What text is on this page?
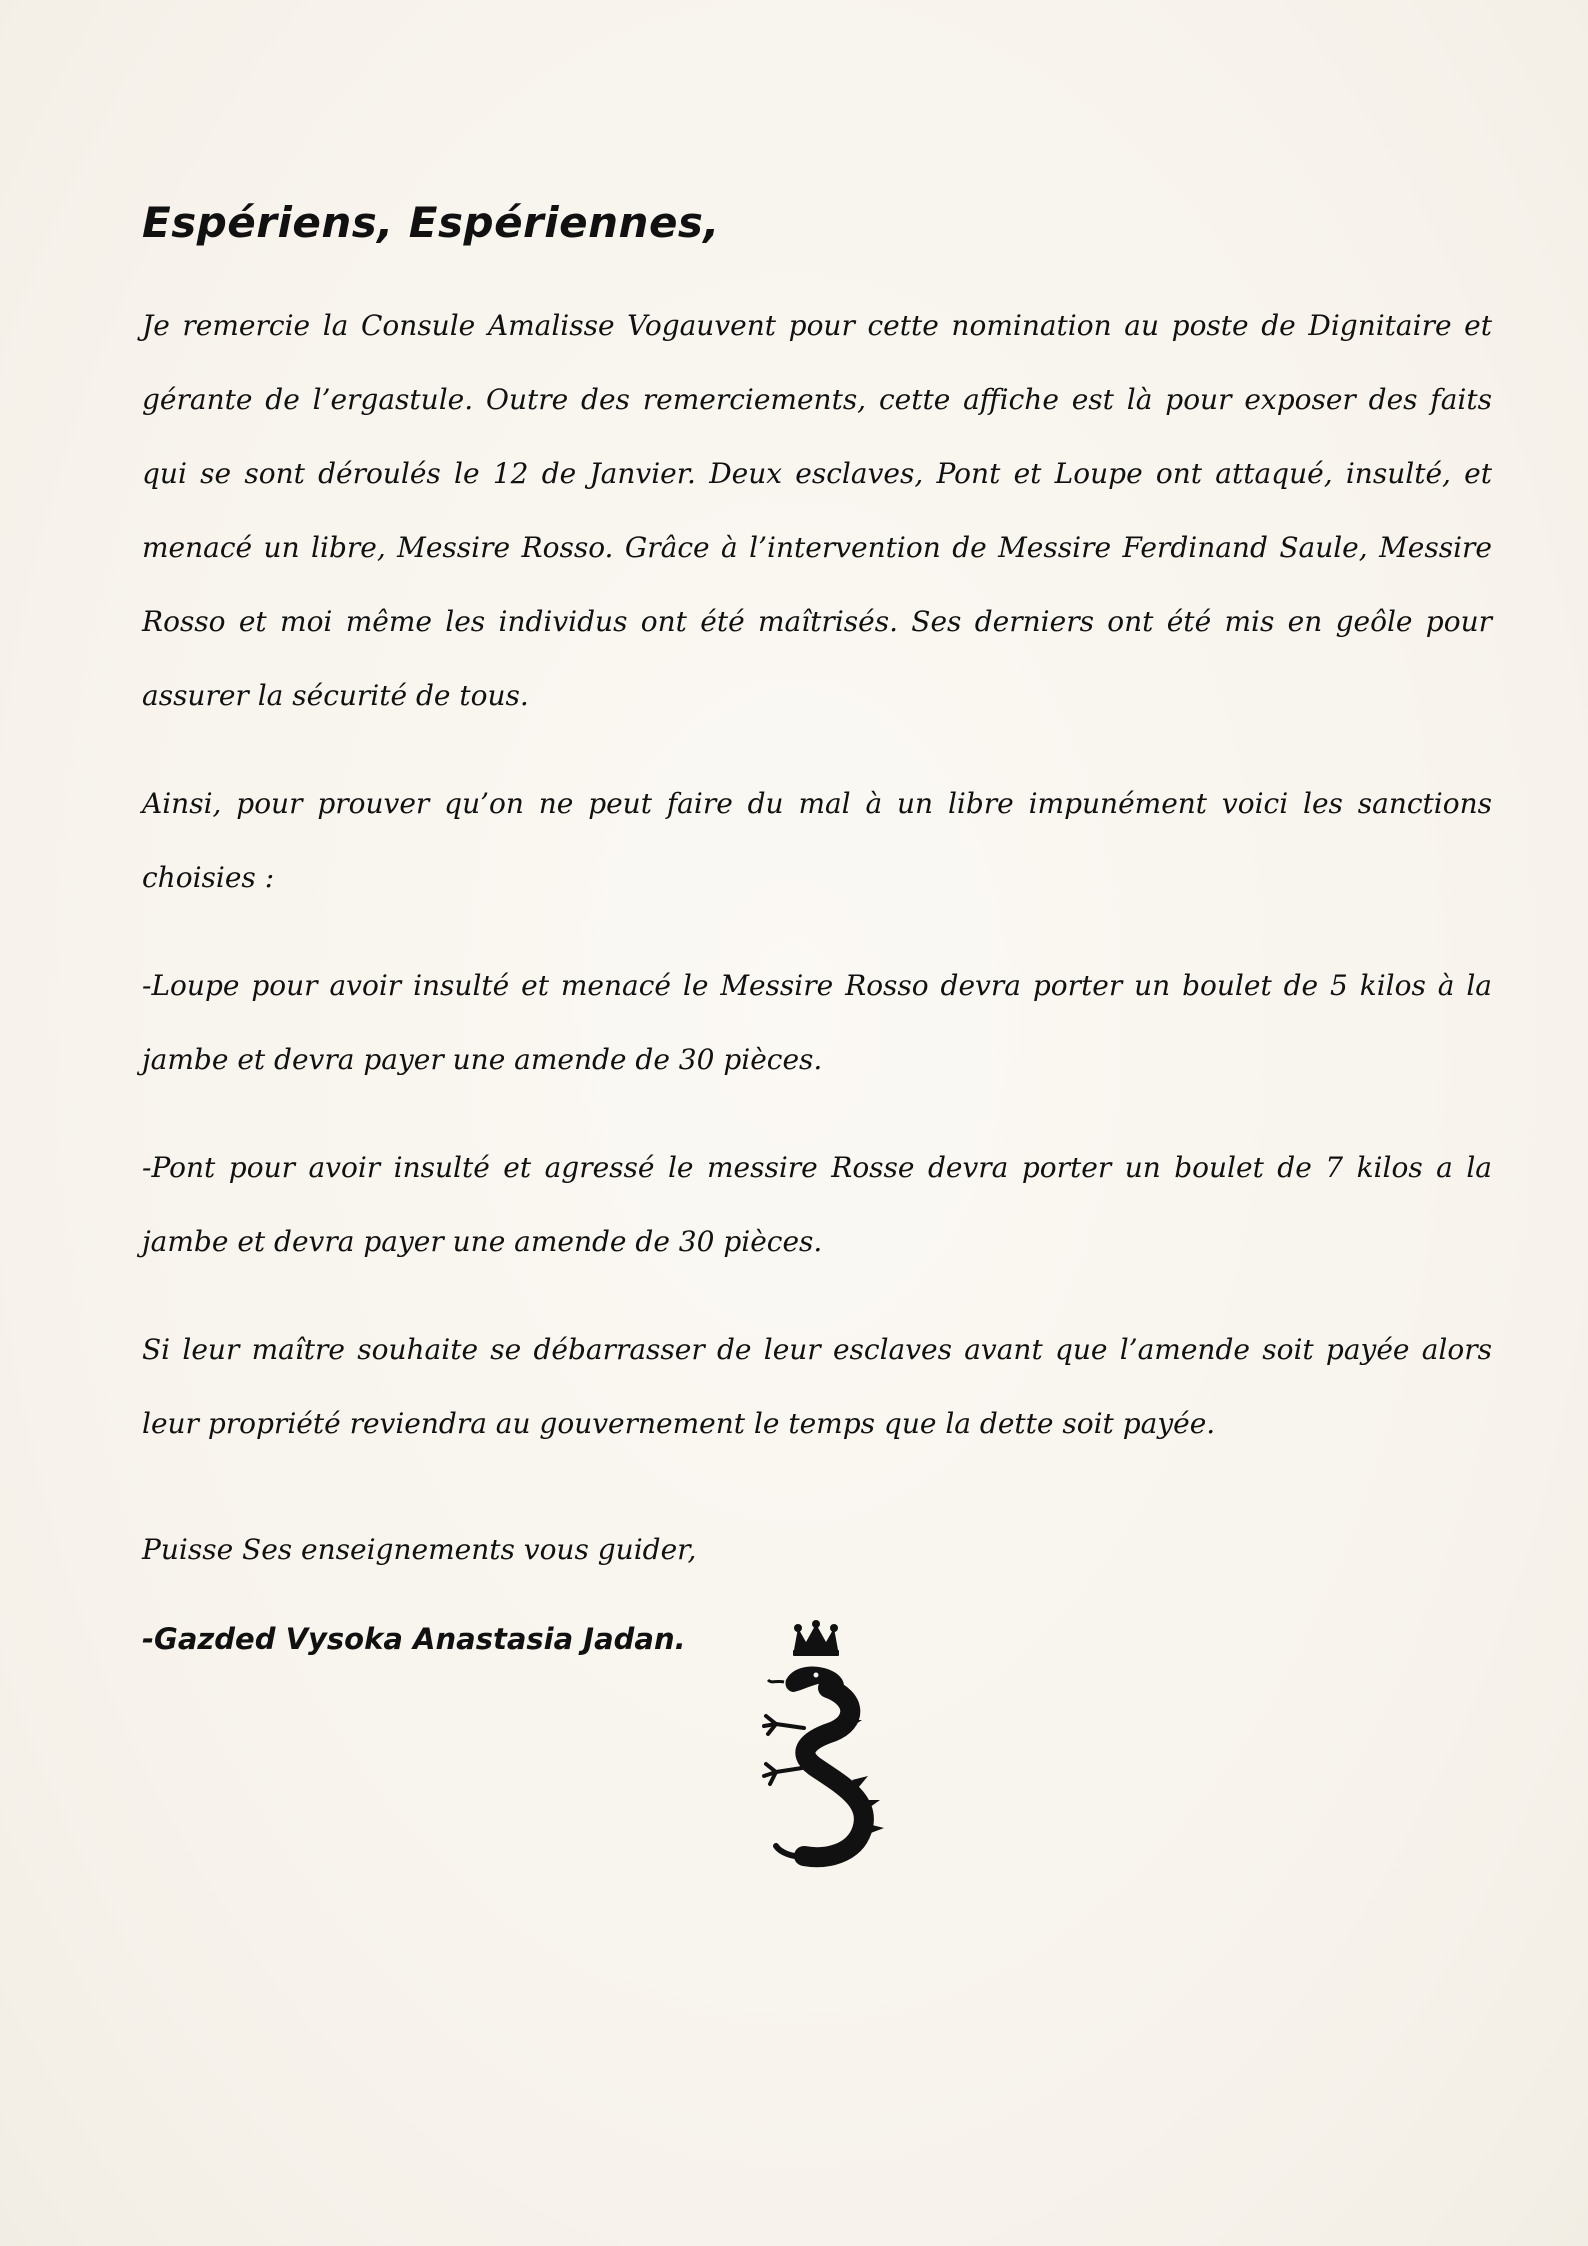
Espériens, Espériennes,

Je remercie la Consule Amalisse Vogauvent pour cette nomination au poste de Dignitaire et gérante de l’ergastule. Outre des remerciements, cette affiche est là pour exposer des faits qui se sont déroulés le 12 de Janvier. Deux esclaves, Pont et Loupe ont attaqué, insulté, et menacé un libre, Messire Rosso. Grâce à l’intervention de Messire Ferdinand Saule, Messire Rosso et moi même les individus ont été maîtrisés. Ses derniers ont été mis en geôle pour assurer la sécurité de tous.

Ainsi, pour prouver qu’on ne peut faire du mal à un libre impunément voici les sanctions choisies :

-Loupe pour avoir insulté et menacé le Messire Rosso devra porter un boulet de 5 kilos à la jambe et devra payer une amende de 30 pièces.

-Pont pour avoir insulté et agressé le messire Rosse devra porter un boulet de 7 kilos a la jambe et devra payer une amende de 30 pièces.

Si leur maître souhaite se débarrasser de leur esclaves avant que l’amende soit payée alors leur propriété reviendra au gouvernement le temps que la dette soit payée.

Puisse Ses enseignements vous guider,

-Gazded Vysoka Anastasia Jadan.
